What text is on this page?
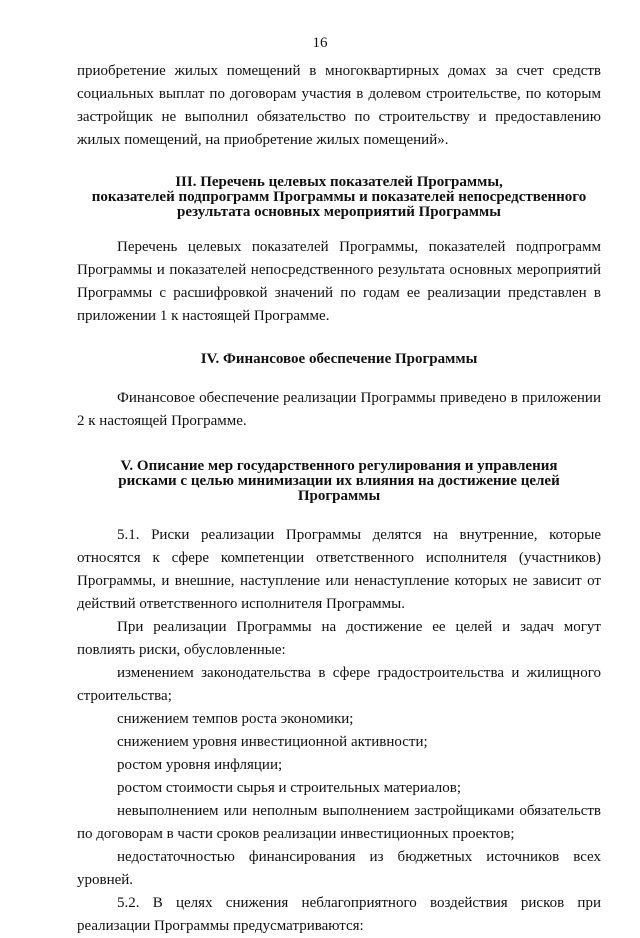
16

приобретение жилых помещений в многоквартирных домах за счет средств социальных выплат по договорам участия в долевом строительстве, по которым застройщик не выполнил обязательство по строительству и предоставлению жилых помещений, на приобретение жилых помещений».

III. Перечень целевых показателей Программы,
показателей подпрограмм Программы и показателей непосредственного
результата основных мероприятий Программы

Перечень целевых показателей Программы, показателей подпрограмм Программы и показателей непосредственного результата основных мероприятий Программы с расшифровкой значений по годам ее реализации представлен в приложении 1 к настоящей Программе.

IV. Финансовое обеспечение Программы

Финансовое обеспечение реализации Программы приведено в приложении 2 к настоящей Программе.

V. Описание мер государственного регулирования и управления
рисками с целью минимизации их влияния на достижение целей
Программы

5.1. Риски реализации Программы делятся на внутренние, которые относятся к сфере компетенции ответственного исполнителя (участников) Программы, и внешние, наступление или ненаступление которых не зависит от действий ответственного исполнителя Программы.

При реализации Программы на достижение ее целей и задач могут повлиять риски, обусловленные:

изменением законодательства в сфере градостроительства и жилищного строительства;

снижением темпов роста экономики;

снижением уровня инвестиционной активности;

ростом уровня инфляции;

ростом стоимости сырья и строительных материалов;

невыполнением или неполным выполнением застройщиками обязательств по договорам в части сроков реализации инвестиционных проектов;

недостаточностью финансирования из бюджетных источников всех уровней.

5.2. В целях снижения неблагоприятного воздействия рисков при реализации Программы предусматриваются:
